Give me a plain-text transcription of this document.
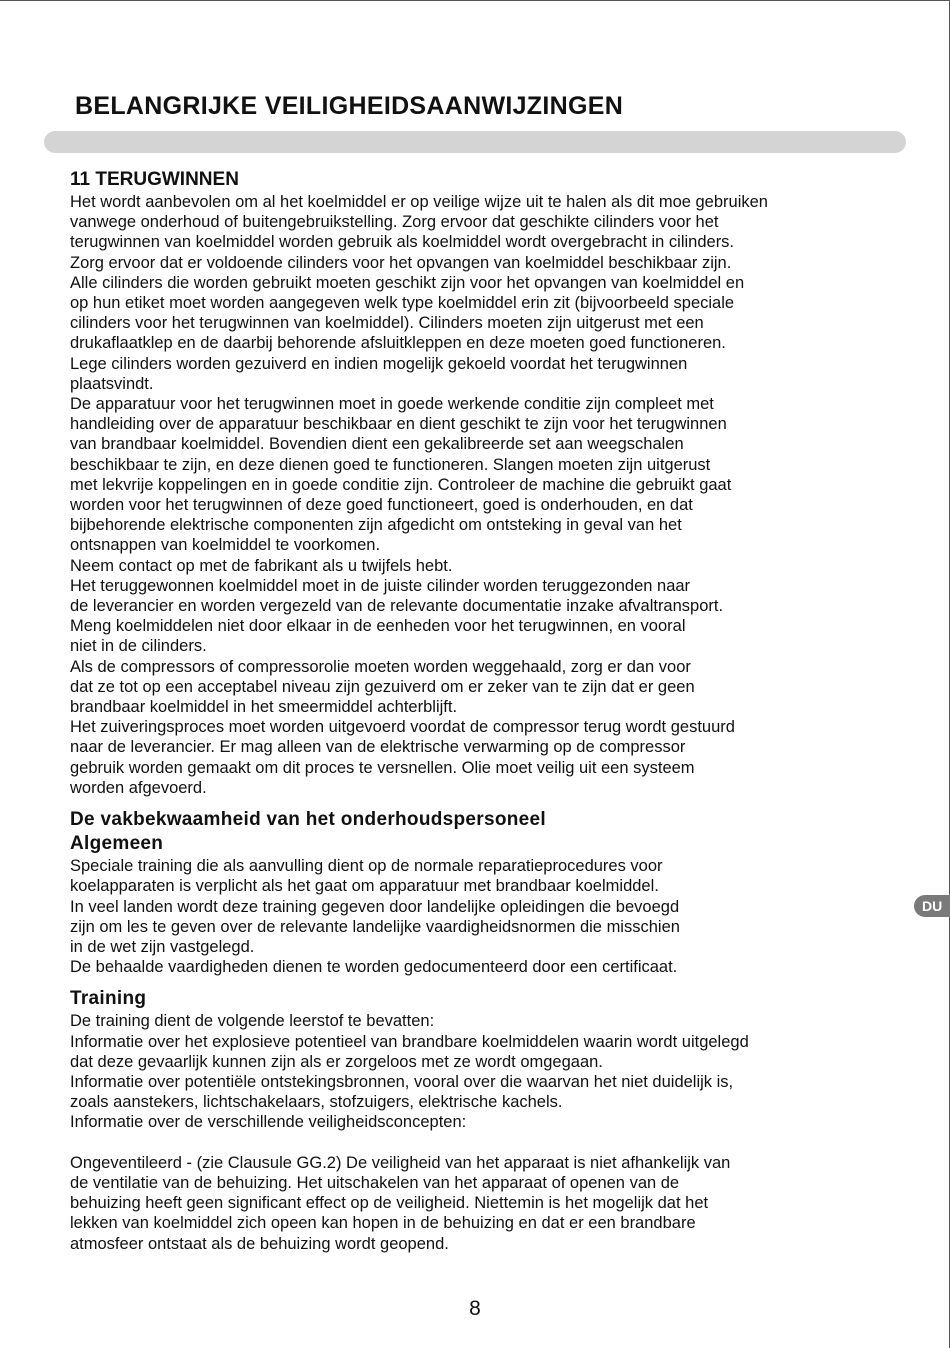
BELANGRIJKE VEILIGHEIDSAANWIJZINGEN
11 TERUGWINNEN
Het wordt aanbevolen om al het koelmiddel er op veilige wijze uit te halen als dit moe gebruiken
vanwege onderhoud of buitengebruikstelling. Zorg ervoor dat geschikte cilinders voor het
terugwinnen van koelmiddel worden gebruik als koelmiddel wordt overgebracht in cilinders.
Zorg ervoor dat er voldoende cilinders voor het opvangen van koelmiddel beschikbaar zijn.
Alle cilinders die worden gebruikt moeten geschikt zijn voor het opvangen van koelmiddel en
op hun etiket moet worden aangegeven welk type koelmiddel erin zit (bijvoorbeeld speciale
cilinders voor het terugwinnen van koelmiddel). Cilinders moeten zijn uitgerust met een
drukaflaatklep en de daarbij behorende afsluitkleppen en deze moeten goed functioneren.
Lege cilinders worden gezuiverd en indien mogelijk gekoeld voordat het terugwinnen
plaatsvindt.
De apparatuur voor het terugwinnen moet in goede werkende conditie zijn compleet met
handleiding over de apparatuur beschikbaar en dient geschikt te zijn voor het terugwinnen
van brandbaar koelmiddel. Bovendien dient een gekalibreerde set aan weegschalen
beschikbaar te zijn, en deze dienen goed te functioneren. Slangen moeten zijn uitgerust
met lekvrije koppelingen en in goede conditie zijn. Controleer de machine die gebruikt gaat
worden voor het terugwinnen of deze goed functioneert, goed is onderhouden, en dat
bijbehorende elektrische componenten zijn afgedicht om ontsteking in geval van het
ontsnappen van koelmiddel te voorkomen.
Neem contact op met de fabrikant als u twijfels hebt.
Het teruggewonnen koelmiddel moet in de juiste cilinder worden teruggezonden naar
de leverancier en worden vergezeld van de relevante documentatie inzake afvaltransport.
Meng koelmiddelen niet door elkaar in de eenheden voor het terugwinnen, en vooral
niet in de cilinders.
Als de compressors of compressorolie moeten worden weggehaald, zorg er dan voor
dat ze tot op een acceptabel niveau zijn gezuiverd om er zeker van te zijn dat er geen
brandbaar koelmiddel in het smeermiddel achterblijft.
Het zuiveringsproces moet worden uitgevoerd voordat de compressor terug wordt gestuurd
naar de leverancier. Er mag alleen van de elektrische verwarming op de compressor
gebruik worden gemaakt om dit proces te versnellen. Olie moet veilig uit een systeem
worden afgevoerd.
De vakbekwaamheid van het onderhoudspersoneel
Algemeen
Speciale training die als aanvulling dient op de normale reparatieprocedures voor
koelapparaten is verplicht als het gaat om apparatuur met brandbaar koelmiddel.
In veel landen wordt deze training gegeven door landelijke opleidingen die bevoegd
zijn om les te geven over de relevante landelijke vaardigheidsnormen die misschien
in de wet zijn vastgelegd.
De behaalde vaardigheden dienen te worden gedocumenteerd door een certificaat.
Training
De training dient de volgende leerstof te bevatten:
Informatie over het explosieve potentieel van brandbare koelmiddelen waarin wordt uitgelegd
dat deze gevaarlijk kunnen zijn als er zorgeloos met ze wordt omgegaan.
Informatie over potentiële ontstekingsbronnen, vooral over die waarvan het niet duidelijk is,
zoals aanstekers, lichtschakelaars, stofzuigers, elektrische kachels.
Informatie over de verschillende veiligheidsconcepten:
Ongeventileerd - (zie Clausule GG.2) De veiligheid van het apparaat is niet afhankelijk van
de ventilatie van de behuizing. Het uitschakelen van het apparaat of openen van de
behuizing heeft geen significant effect op de veiligheid. Niettemin is het mogelijk dat het
lekken van koelmiddel zich opeen kan hopen in de behuizing en dat er een brandbare
atmosfeer ontstaat als de behuizing wordt geopend.
DU
8
